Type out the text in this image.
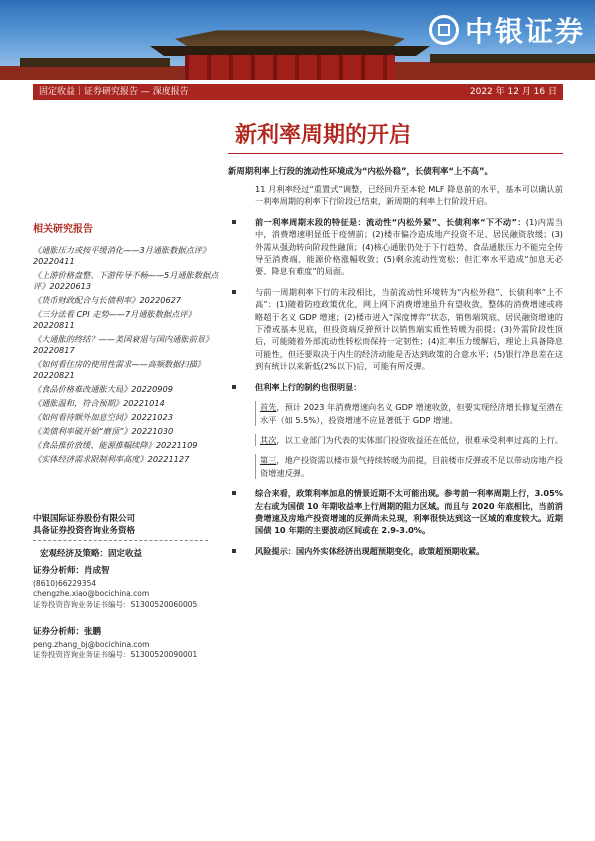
中银证券
固定收益｜证券研究报告 — 深度报告	2022 年 12 月 16 日
新利率周期的开启
相关研究报告
《通胀压力或按平缓消化——3月通胀数据点评》20220411
《上游价格盘整、下游传导不畅——5月通胀数据点评》20220613
《货币财政配合与长债利率》20220627
《三分法看 CPI 走势——7月通胀数据点评》20220811
《大通胀的终结？——美国衰退与国内通胀前景》20220817
《如何看住房的使用性需求——高频数据扫描》20220821
《食品价格难改通胀大局》20220909
《通胀温和，符合预期》20221014
《如何看待额外加息空间》20221023
《美债利率破开始“磨顶”》20221030
《食品推价放缓、能源推幅续降》20221109
《实体经济需求限制利率高度》20221127
中银国际证券股份有限公司
具备证券投资咨询业务资格
宏观经济及策略：固定收益
证券分析师：肖成智
(8610)66229354
chengzhe.xiao@bocichina.com
证券投资咨询业务证书编号：S1300520060005
证券分析师：张鹏
peng.zhang_bj@bocichina.com
证券投资咨询业务证书编号：S1300520090001
新周期利率上行段的流动性环境成为“内松外稳”，长债利率“上不高”。
11 月利率经过“重置式”调整，已经回升至本轮 MLF 降息前的水平，基本可以确认前一利率周期的利率下行阶段已结束，新周期的利率上行阶段开启。
前一利率周期末段的特征是：流动性“内松外紧”、长债利率“下不动”：(1)内需当中，消费增速明显低于疫情前；(2)楼市偏冷造成地产投资不足、居民融资放缓；(3)外需从强劲转向阶段性融顶；(4)核心通胀仍处于下行趋势、食品通胀压力不能完全传导至消费端、能源价格涨幅收敛；(5)剩余流动性宽松；但汇率水平造成“加息无必要、降息有难度”的局面。
与前一周期利率下行的末段相比，当前流动性环境转为“内松外稳”、长债利率“上不高”：(1)随着防疫政策优化，网上网下消费增速虽升有望收敛，整体的消费增速或将略超于名义 GDP 增速；(2)楼市进入“深度博弈”状态，销售端筑底、居民融资增速的下滑或基本见底，但投资端反弹预计以销售端实质性转暖为前提；(3)外需阶段性顶后，可能随着外部流动性转松而保持一定韧性；(4)汇率压力缓解后，理论上具备降息可能性，但还要取决于内生的经济动能是否达到政策的合意水平；(5)银行净息差在这到有统计以来新低(2%以下)后，可能有所反弹。
但利率上行的制约也很明显：
首先，预计 2023 年消费增速向名义 GDP 增速收敛，但要实现经济增长修复至潜在水平（如 5.5%），投资增速不应显著低于 GDP 增速。
其次，以工业部门为代表的实体部门投资收益还在低位，很难承受利率过高的上行。
第三，地产投资需以楼市景气持续转暖为前提，目前楼市反弹或不足以带动房地产投资增速反弹。
综合来看，政策利率加息的情景近期不太可能出现。参考前一利率周期上行，3.05%左右或为国债 10 年期收益率上行周期的阻力区域。而且与 2020 年底相比，当前消费增速及房地产投资增速的反弹尚未兑现，利率很快达到这一区域的难度较大。近期国债 10 年期的主要波动区间或在 2.9-3.0%。
风险提示：国内外实体经济出现超预期变化，政策超预期收紧。
